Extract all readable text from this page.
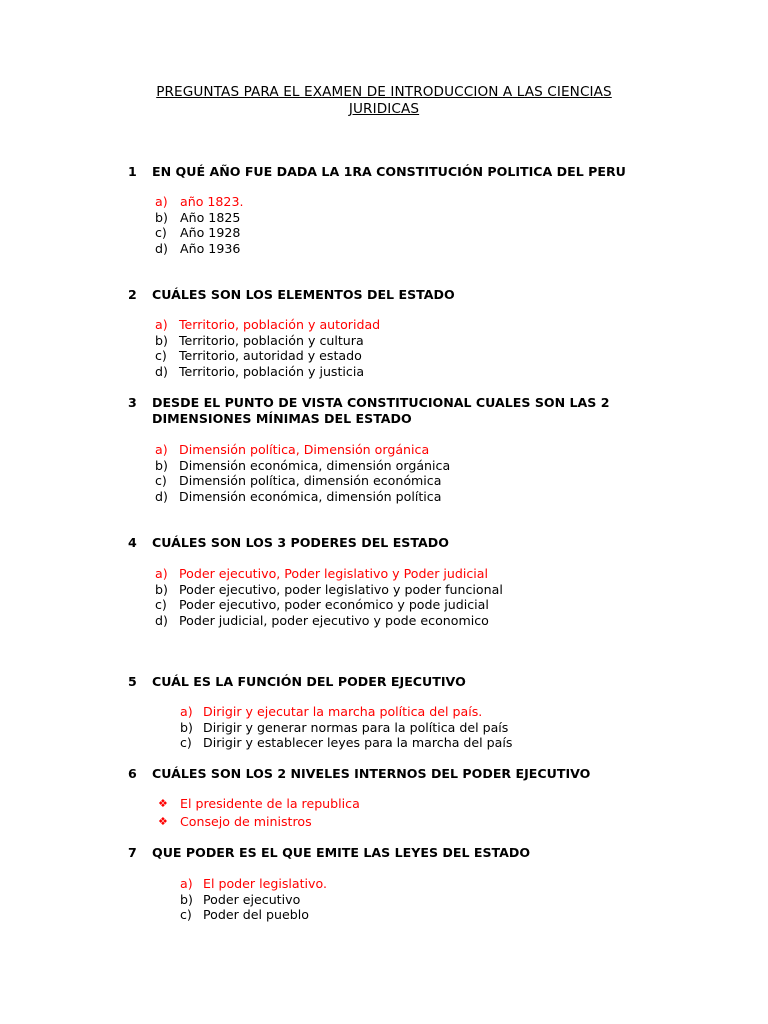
PREGUNTAS PARA EL EXAMEN DE INTRODUCCION A LAS CIENCIAS
JURIDICAS
1 EN QUÉ AÑO FUE DADA LA 1RA CONSTITUCIÓN POLITICA DEL PERU
a) año 1823.
b) Año 1825
c) Año 1928
d) Año 1936
2 CUÁLES SON LOS ELEMENTOS DEL ESTADO
a) Territorio, población y autoridad
b) Territorio, población y cultura
c) Territorio, autoridad y estado
d) Territorio, población y justicia
3 DESDE EL PUNTO DE VISTA CONSTITUCIONAL CUALES SON LAS 2
DIMENSIONES MÍNIMAS DEL ESTADO
a) Dimensión política, Dimensión orgánica
b) Dimensión económica, dimensión orgánica
c) Dimensión política, dimensión económica
d) Dimensión económica, dimensión política
4 CUÁLES SON LOS 3 PODERES DEL ESTADO
a) Poder ejecutivo, Poder legislativo y Poder judicial
b) Poder ejecutivo, poder legislativo y poder funcional
c) Poder ejecutivo, poder económico y pode judicial
d) Poder judicial, poder ejecutivo y pode economico
5 CUÁL ES LA FUNCIÓN DEL PODER EJECUTIVO
a) Dirigir y ejecutar la marcha política del país.
b) Dirigir y generar normas para la política del país
c) Dirigir y establecer leyes para la marcha del país
6 CUÁLES SON LOS 2 NIVELES INTERNOS DEL PODER EJECUTIVO
❖ El presidente de la republica
❖ Consejo de ministros
7 QUE PODER ES EL QUE EMITE LAS LEYES DEL ESTADO
a) El poder legislativo.
b) Poder ejecutivo
c) Poder del pueblo
